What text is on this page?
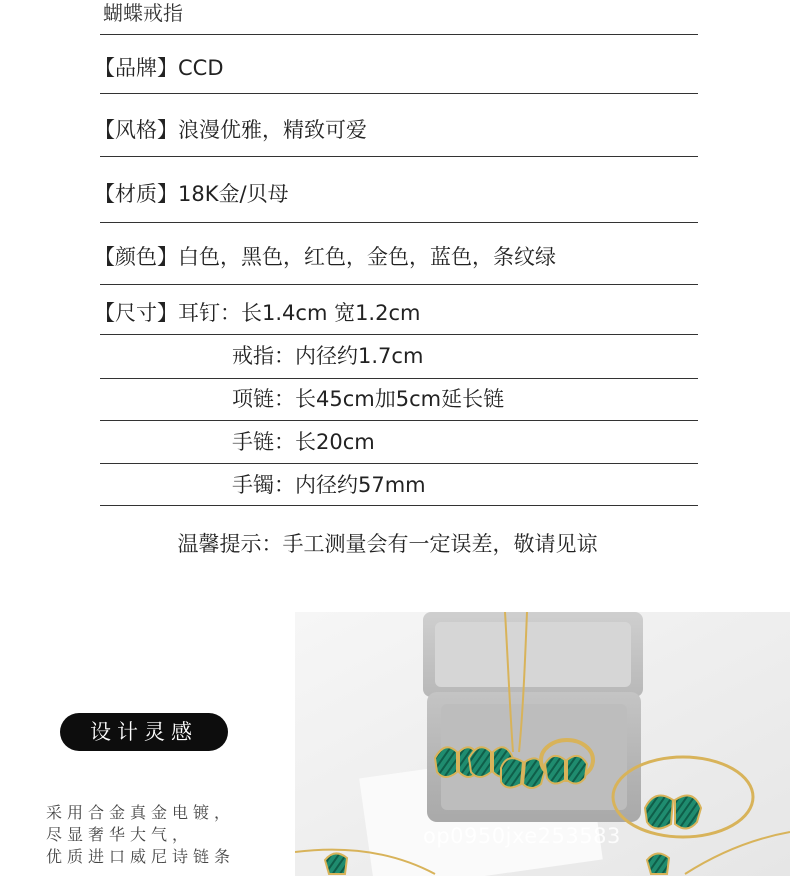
蝴蝶戒指
【品牌】CCD
【风格】浪漫优雅，精致可爱
【材质】18K金/贝母
【颜色】白色，黑色，红色，金色，蓝色，条纹绿
【尺寸】耳钉：长1.4cm 宽1.2cm
戒指：内径约1.7cm
项链：长45cm加5cm延长链
手链：长20cm
手镯：内径约57mm
温馨提示：手工测量会有一定误差，敬请见谅
设计灵感
采用合金真金电镀，
尽显奢华大气，
优质进口威尼诗链条
op0950jxe253583
